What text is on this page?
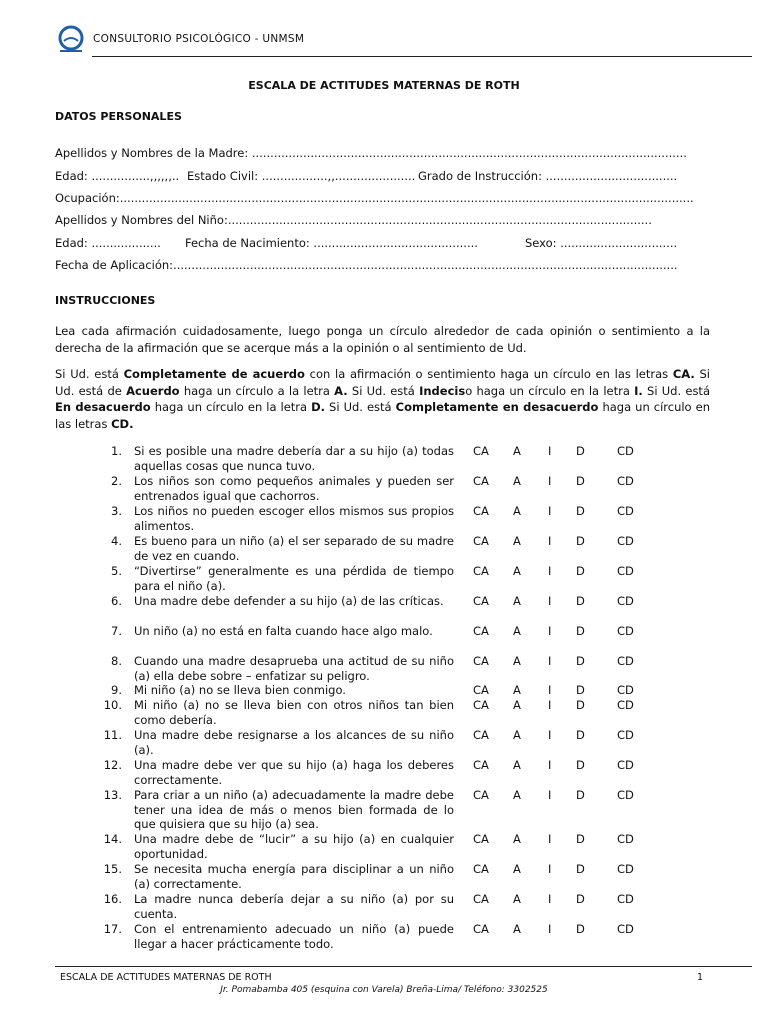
CONSULTORIO PSICOLÓGICO - UNMSM
ESCALA DE ACTITUDES MATERNAS DE ROTH
DATOS PERSONALES
Apellidos y Nombres de la Madre: .......................................................................................................................
Edad: ................,,,,,,.. Estado Civil: ..................,,...................... Grado de Instrucción: ....................................
Ocupación:.............................................................................................................................................................
Apellidos y Nombres del Niño:....................................................................................................................
Edad: ................... Fecha de Nacimiento: .............................................	Sexo: ................................
Fecha de Aplicación:..........................................................................................................................................
INSTRUCCIONES
Lea cada afirmación cuidadosamente, luego ponga un círculo alrededor de cada opinión o sentimiento a la derecha de la afirmación que se acerque más a la opinión o al sentimiento de Ud.
Si Ud. está Completamente de acuerdo con la afirmación o sentimiento haga un círculo en las letras CA. Si Ud. está de Acuerdo haga un círculo a la letra A. Si Ud. está Indeciso haga un círculo en la letra I. Si Ud. está En desacuerdo haga un círculo en la letra D. Si Ud. está Completamente en desacuerdo haga un círculo en las letras CD.
1. Si es posible una madre debería dar a su hijo (a) todas aquellas cosas que nunca tuvo.
CA A I D	CD
2. Los niños son como pequeños animales y pueden ser entrenados igual que cachorros.
CA A I D	CD
3. Los niños no pueden escoger ellos mismos sus propios alimentos.
CA A I D	CD
4. Es bueno para un niño (a) el ser separado de su madre de vez en cuando.
CA A I D	CD
5. “Divertirse” generalmente es una pérdida de tiempo para el niño (a).
CA A I D	CD
6. Una madre debe defender a su hijo (a) de las críticas.	CA A I D	CD
7. Un niño (a) no está en falta cuando hace algo malo.	CA A I D	CD
8. Cuando una madre desaprueba una actitud de su niño (a) ella debe sobre – enfatizar su peligro.
CA A I D	CD
9. Mi niño (a) no se lleva bien conmigo.	CA A I D	CD
10. Mi niño (a) no se lleva bien con otros niños tan bien como debería.
CA A I D	CD
11. Una madre debe resignarse a los alcances de su niño (a).
CA A I D	CD
12. Una madre debe ver que su hijo (a) haga los deberes correctamente.
CA A I D	CD
13. Para criar a un niño (a) adecuadamente la madre debe tener una idea de más o menos bien formada de lo que quisiera que su hijo (a) sea.
CA A I D	CD
14. Una madre debe de “lucir” a su hijo (a) en cualquier oportunidad.
CA A I D	CD
15. Se necesita mucha energía para disciplinar a un niño (a) correctamente.
CA A I D	CD
16. La madre nunca debería dejar a su niño (a) por su cuenta.
CA A I D	CD
17. Con el entrenamiento adecuado un niño (a) puede llegar a hacer prácticamente todo.
CA A I D	CD
ESCALA DE ACTITUDES MATERNAS DE ROTH	1
Jr. Pomabamba 405 (esquina con Varela) Breña-Lima/ Teléfono: 3302525
